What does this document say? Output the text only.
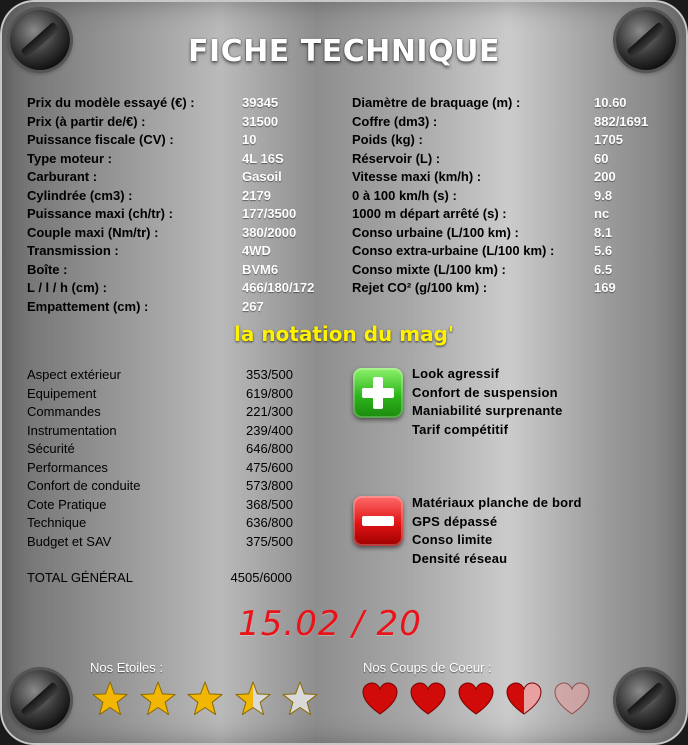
FICHE TECHNIQUE
Prix du modèle essayé (€) :	39345
Prix (à partir de/€) :	31500
Puissance fiscale (CV) :	10
Type moteur :	4L 16S
Carburant :	Gasoil
Cylindrée (cm3) :	2179
Puissance maxi (ch/tr) :	177/3500
Couple maxi (Nm/tr) :	380/2000
Transmission :	4WD
Boîte :	BVM6
L / l / h (cm) :	466/180/172
Empattement (cm) :	267
Diamètre de braquage (m) :	10.60
Coffre (dm3) :	882/1691
Poids (kg) :	1705
Réservoir (L) :	60
Vitesse maxi (km/h) :	200
0 à 100 km/h (s) :	9.8
1000 m départ arrêté (s) :	nc
Conso urbaine (L/100 km) :	8.1
Conso extra-urbaine (L/100 km) :	5.6
Conso mixte (L/100 km) :	6.5
Rejet CO² (g/100 km) :	169
la notation du mag'
Aspect extérieur	353/500
Equipement	619/800
Commandes	221/300
Instrumentation	239/400
Sécurité	646/800
Performances	475/600
Confort de conduite	573/800
Cote Pratique	368/500
Technique	636/800
Budget et SAV	375/500
TOTAL GÉNÉRAL	4505/6000
Look agressif
Confort de suspension
Maniabilité surprenante
Tarif compétitif
Matériaux planche de bord
GPS dépassé
Conso limite
Densité réseau
15.02 / 20
Nos Etoiles :	Nos Coups de Coeur :
